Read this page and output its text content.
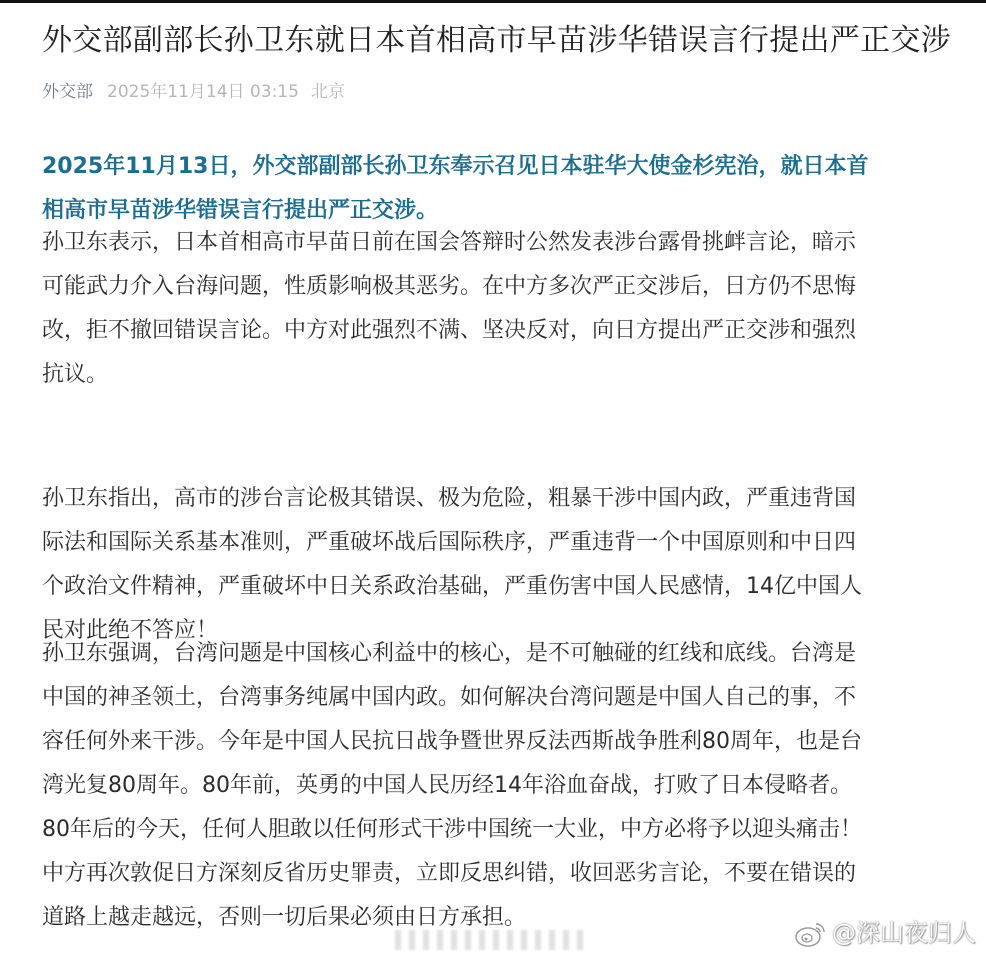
外交部副部长孙卫东就日本首相高市早苗涉华错误言行提出严正交涉
外交部 2025年11月14日 03:15 北京
2025年11月13日，外交部副部长孙卫东奉示召见日本驻华大使金杉宪治，就日本首
相高市早苗涉华错误言行提出严正交涉。
孙卫东表示，日本首相高市早苗日前在国会答辩时公然发表涉台露骨挑衅言论，暗示
可能武力介入台海问题，性质影响极其恶劣。在中方多次严正交涉后，日方仍不思悔
改，拒不撤回错误言论。中方对此强烈不满、坚决反对，向日方提出严正交涉和强烈
抗议。
孙卫东指出，高市的涉台言论极其错误、极为危险，粗暴干涉中国内政，严重违背国
际法和国际关系基本准则，严重破坏战后国际秩序，严重违背一个中国原则和中日四
个政治文件精神，严重破坏中日关系政治基础，严重伤害中国人民感情，14亿中国人
民对此绝不答应！
孙卫东强调，台湾问题是中国核心利益中的核心，是不可触碰的红线和底线。台湾是
中国的神圣领土，台湾事务纯属中国内政。如何解决台湾问题是中国人自己的事，不
容任何外来干涉。今年是中国人民抗日战争暨世界反法西斯战争胜利80周年，也是台
湾光复80周年。80年前，英勇的中国人民历经14年浴血奋战，打败了日本侵略者。
80年后的今天，任何人胆敢以任何形式干涉中国统一大业，中方必将予以迎头痛击！
中方再次敦促日方深刻反省历史罪责，立即反思纠错，收回恶劣言论，不要在错误的
道路上越走越远，否则一切后果必须由日方承担。
@深山夜归人
